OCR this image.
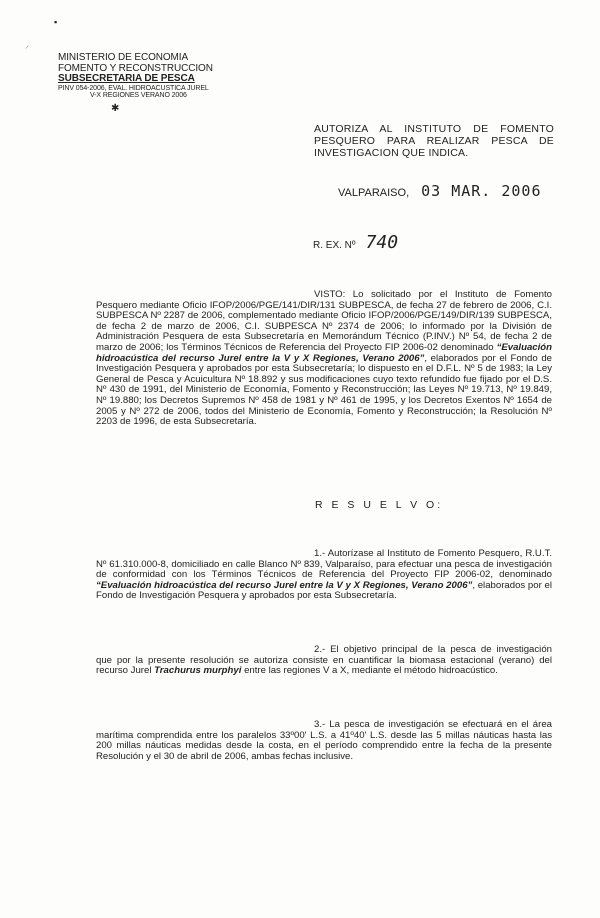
▪
⸝
MINISTERIO DE ECONOMIA
FOMENTO Y RECONSTRUCCION
SUBSECRETARIA DE PESCA
PINV 054-2006, EVAL. HIDROACUSTICA JUREL
V-X REGIONES VERANO 2006
✱
AUTORIZA AL INSTITUTO DE FOMENTO PESQUERO PARA REALIZAR PESCA DE INVESTIGACION QUE INDICA.
VALPARAISO, 03 MAR. 2006
R. EX. Nº 740
VISTO: Lo solicitado por el Instituto de Fomento Pesquero mediante Oficio IFOP/2006/PGE/141/DIR/131 SUBPESCA, de fecha 27 de febrero de 2006, C.I. SUBPESCA Nº 2287 de 2006, complementado mediante Oficio IFOP/2006/PGE/149/DIR/139 SUBPESCA, de fecha 2 de marzo de 2006, C.I. SUBPESCA Nº 2374 de 2006; lo informado por la División de Administración Pesquera de esta Subsecretaría en Memorándum Técnico (P.INV.) Nº 54, de fecha 2 de marzo de 2006; los Términos Técnicos de Referencia del Proyecto FIP 2006-02 denominado “Evaluación hidroacústica del recurso Jurel entre la V y X Regiones, Verano 2006”, elaborados por el Fondo de Investigación Pesquera y aprobados por esta Subsecretaría; lo dispuesto en el D.F.L. Nº 5 de 1983; la Ley General de Pesca y Acuicultura Nº 18.892 y sus modificaciones cuyo texto refundido fue fijado por el D.S. Nº 430 de 1991, del Ministerio de Economía, Fomento y Reconstrucción; las Leyes Nº 19.713, Nº 19.849, Nº 19.880; los Decretos Supremos Nº 458 de 1981 y Nº 461 de 1995, y los Decretos Exentos Nº 1654 de 2005 y Nº 272 de 2006, todos del Ministerio de Economía, Fomento y Reconstrucción; la Resolución Nº 2203 de 1996, de esta Subsecretaría.
R E S U E L V O:
1.- Autorízase al Instituto de Fomento Pesquero, R.U.T. Nº 61.310.000-8, domiciliado en calle Blanco Nº 839, Valparaíso, para efectuar una pesca de investigación de conformidad con los Términos Técnicos de Referencia del Proyecto FIP 2006-02, denominado “Evaluación hidroacústica del recurso Jurel entre la V y X Regiones, Verano 2006”, elaborados por el Fondo de Investigación Pesquera y aprobados por esta Subsecretaría.
2.- El objetivo principal de la pesca de investigación que por la presente resolución se autoriza consiste en cuantificar la biomasa estacional (verano) del recurso Jurel Trachurus murphyi entre las regiones V a X, mediante el método hidroacústico.
3.- La pesca de investigación se efectuará en el área marítima comprendida entre los paralelos 33º00' L.S. a 41º40' L.S. desde las 5 millas náuticas hasta las 200 millas náuticas medidas desde la costa, en el período comprendido entre la fecha de la presente Resolución y el 30 de abril de 2006, ambas fechas inclusive.
